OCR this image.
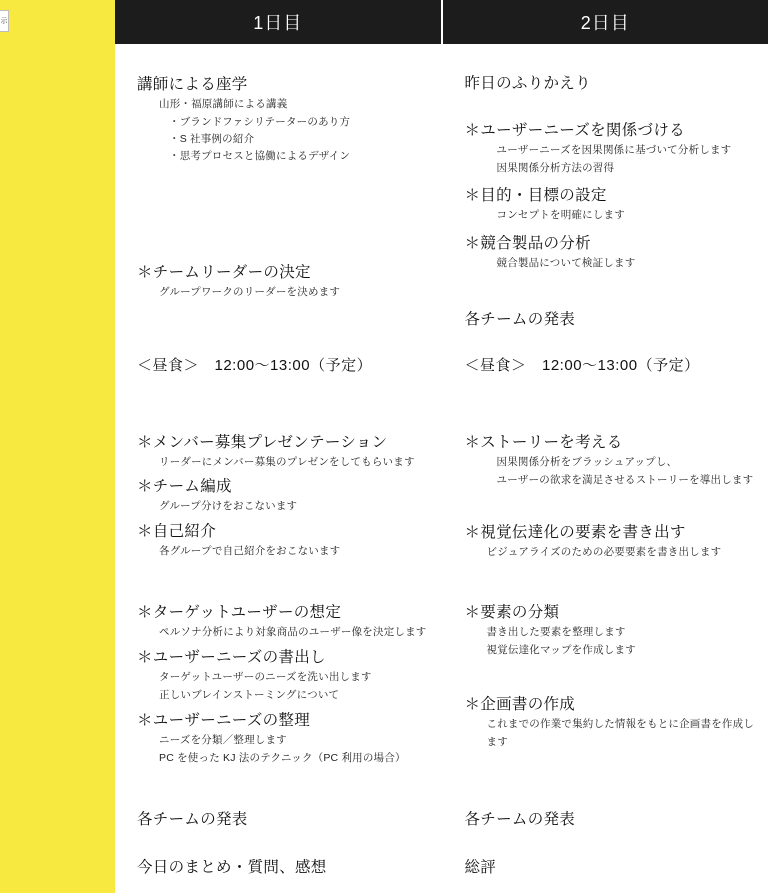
示	1日目
講師による座学
山形・福原講師による講義
・ブランドファシリテーターのあり方
・S 社事例の紹介
・思考プロセスと協働によるデザイン
＊チームリーダーの決定
グループワークのリーダーを決めます
＜昼食＞　12:00〜13:00（予定）
＊メンバー募集プレゼンテーション
リーダーにメンバー募集のプレゼンをしてもらいます
＊チーム編成
グループ分けをおこないます
＊自己紹介
各グループで自己紹介をおこないます
＊ターゲットユーザーの想定
ペルソナ分析により対象商品のユーザー像を決定します
＊ユーザーニーズの書出し
ターゲットユーザーのニーズを洗い出します
正しいブレインストーミングについて
＊ユーザーニーズの整理
ニーズを分類／整理します
PC を使った KJ 法のテクニック（PC 利用の場合）
各チームの発表
今日のまとめ・質問、感想
2日目
昨日のふりかえり
＊ユーザーニーズを関係づける
ユーザーニーズを因果関係に基づいて分析します
因果関係分析方法の習得
＊目的・目標の設定
コンセプトを明確にします
＊競合製品の分析
競合製品について検証します
各チームの発表
＜昼食＞　12:00〜13:00（予定）
＊ストーリーを考える
因果関係分析をブラッシュアップし、
ユーザーの欲求を満足させるストーリーを導出します
＊視覚伝達化の要素を書き出す
ビジュアライズのための必要要素を書き出します
＊要素の分類
書き出した要素を整理します
視覚伝達化マップを作成します
＊企画書の作成
これまでの作業で集約した情報をもとに企画書を作成し
ます
各チームの発表
総評
